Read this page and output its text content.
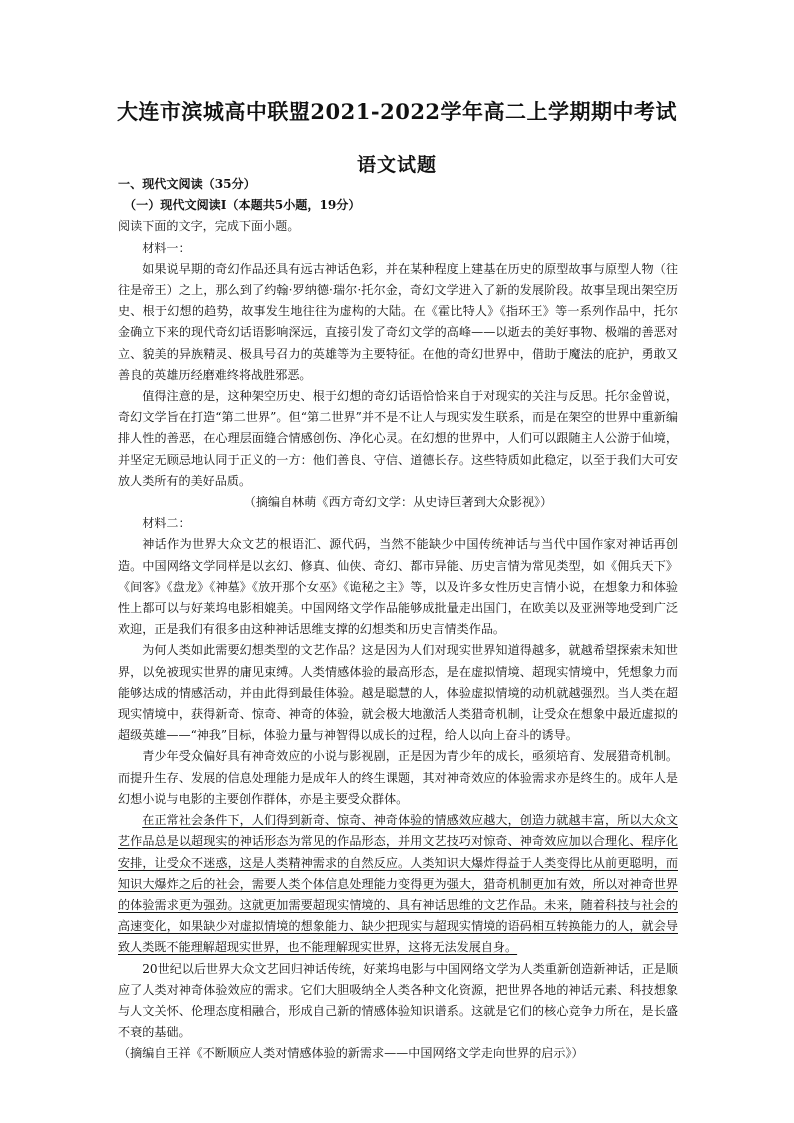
大连市滨城高中联盟2021-2022学年高二上学期期中考试
语文试题

一、现代文阅读（35分）

（一）现代文阅读Ⅰ（本题共5小题，19分）

阅读下面的文字，完成下面小题。

材料一：

如果说早期的奇幻作品还具有远古神话色彩，并在某种程度上建基在历史的原型故事与原型人物（往往是帝王）之上，那么到了约翰·罗纳德·瑞尔·托尔金，奇幻文学进入了新的发展阶段。故事呈现出架空历史、根于幻想的趋势，故事发生地往往为虚构的大陆。在《霍比特人》《指环王》等一系列作品中，托尔金确立下来的现代奇幻话语影响深远，直接引发了奇幻文学的高峰——以逝去的美好事物、极端的善恶对立、貌美的异族精灵、极具号召力的英雄等为主要特征。在他的奇幻世界中，借助于魔法的庇护，勇敢又善良的英雄历经磨难终将战胜邪恶。

值得注意的是，这种架空历史、根于幻想的奇幻话语恰恰来自于对现实的关注与反思。托尔金曾说，奇幻文学旨在打造“第二世界”。但“第二世界”并不是不让人与现实发生联系，而是在架空的世界中重新编排人性的善恶，在心理层面缝合情感创伤、净化心灵。在幻想的世界中，人们可以跟随主人公游于仙境，并坚定无顾忌地认同于正义的一方：他们善良、守信、道德长存。这些特质如此稳定，以至于我们大可安放人类所有的美好品质。

（摘编自林萌《西方奇幻文学：从史诗巨著到大众影视》）

材料二：

神话作为世界大众文艺的根语汇、源代码，当然不能缺少中国传统神话与当代中国作家对神话再创造。中国网络文学同样是以玄幻、修真、仙侠、奇幻、都市异能、历史言情为常见类型，如《佣兵天下》《间客》《盘龙》《神墓》《放开那个女巫》《诡秘之主》等，以及许多女性历史言情小说，在想象力和体验性上都可以与好莱坞电影相媲美。中国网络文学作品能够成批量走出国门，在欧美以及亚洲等地受到广泛欢迎，正是我们有很多由这种神话思维支撑的幻想类和历史言情类作品。

为何人类如此需要幻想类型的文艺作品？这是因为人们对现实世界知道得越多，就越希望探索未知世界，以免被现实世界的庸见束缚。人类情感体验的最高形态，是在虚拟情境、超现实情境中，凭想象力而能够达成的情感活动，并由此得到最佳体验。越是聪慧的人，体验虚拟情境的动机就越强烈。当人类在超现实情境中，获得新奇、惊奇、神奇的体验，就会极大地激活人类猎奇机制，让受众在想象中最近虚拟的超级英雄——“神我”目标，体验力量与神智得以成长的过程，给人以向上奋斗的诱导。

青少年受众偏好具有神奇效应的小说与影视剧，正是因为青少年的成长，亟须培育、发展猎奇机制。而提升生存、发展的信息处理能力是成年人的终生课题，其对神奇效应的体验需求亦是终生的。成年人是幻想小说与电影的主要创作群体，亦是主要受众群体。

在正常社会条件下，人们得到新奇、惊奇、神奇体验的情感效应越大，创造力就越丰富，所以大众文艺作品总是以超现实的神话形态为常见的作品形态，并用文艺技巧对惊奇、神奇效应加以合理化、程序化安排，让受众不迷惑，这是人类精神需求的自然反应。人类知识大爆炸得益于人类变得比从前更聪明，而知识大爆炸之后的社会，需要人类个体信息处理能力变得更为强大，猎奇机制更加有效，所以对神奇世界的体验需求更为强劲。这就更加需要超现实情境的、具有神话思维的文艺作品。未来，随着科技与社会的高速变化，如果缺少对虚拟情境的想象能力、缺少把现实与超现实情境的语码相互转换能力的人，就会导致人类既不能理解超现实世界，也不能理解现实世界，这将无法发展自身。

20世纪以后世界大众文艺回归神话传统，好莱坞电影与中国网络文学为人类重新创造新神话，正是顺应了人类对神奇体验效应的需求。它们大胆吸纳全人类各种文化资源，把世界各地的神话元素、科技想象与人文关怀、伦理态度相融合，形成自己新的情感体验知识谱系。这就是它们的核心竞争力所在，是长盛不衰的基础。

（摘编自王祥《不断顺应人类对情感体验的新需求——中国网络文学走向世界的启示》）
